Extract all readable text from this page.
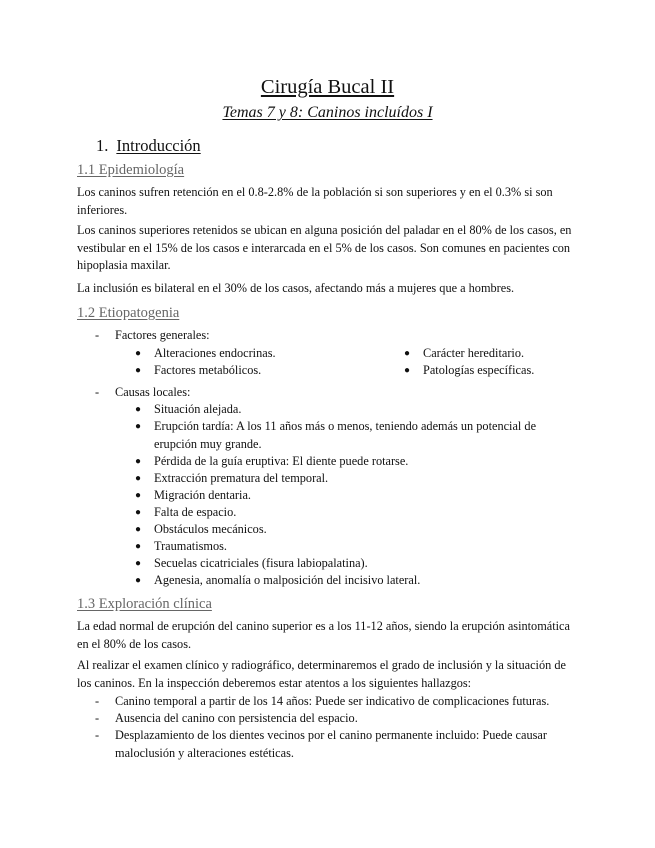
Cirugía Bucal II
Temas 7 y 8: Caninos incluídos I
1. Introducción
1.1 Epidemiología
Los caninos sufren retención en el 0.8-2.8% de la población si son superiores y en el 0.3% si son inferiores.
Los caninos superiores retenidos se ubican en alguna posición del paladar en el 80% de los casos, en vestibular en el 15% de los casos e interarcada en el 5% de los casos. Son comunes en pacientes con hipoplasia maxilar.
La inclusión es bilateral en el 30% de los casos, afectando más a mujeres que a hombres.
1.2 Etiopatogenia
- Factores generales:
● Alteraciones endocrinas.
● Factores metabólicos.
● Carácter hereditario.
● Patologías específicas.
- Causas locales:
● Situación alejada.
● Erupción tardía: A los 11 años más o menos, teniendo además un potencial de erupción muy grande.
● Pérdida de la guía eruptiva: El diente puede rotarse.
● Extracción prematura del temporal.
● Migración dentaria.
● Falta de espacio.
● Obstáculos mecánicos.
● Traumatismos.
● Secuelas cicatriciales (fisura labiopalatina).
● Agenesia, anomalía o malposición del incisivo lateral.
1.3 Exploración clínica
La edad normal de erupción del canino superior es a los 11-12 años, siendo la erupción asintomática en el 80% de los casos.
Al realizar el examen clínico y radiográfico, determinaremos el grado de inclusión y la situación de los caninos. En la inspección deberemos estar atentos a los siguientes hallazgos:
- Canino temporal a partir de los 14 años: Puede ser indicativo de complicaciones futuras.
- Ausencia del canino con persistencia del espacio.
- Desplazamiento de los dientes vecinos por el canino permanente incluido: Puede causar maloclusión y alteraciones estéticas.
